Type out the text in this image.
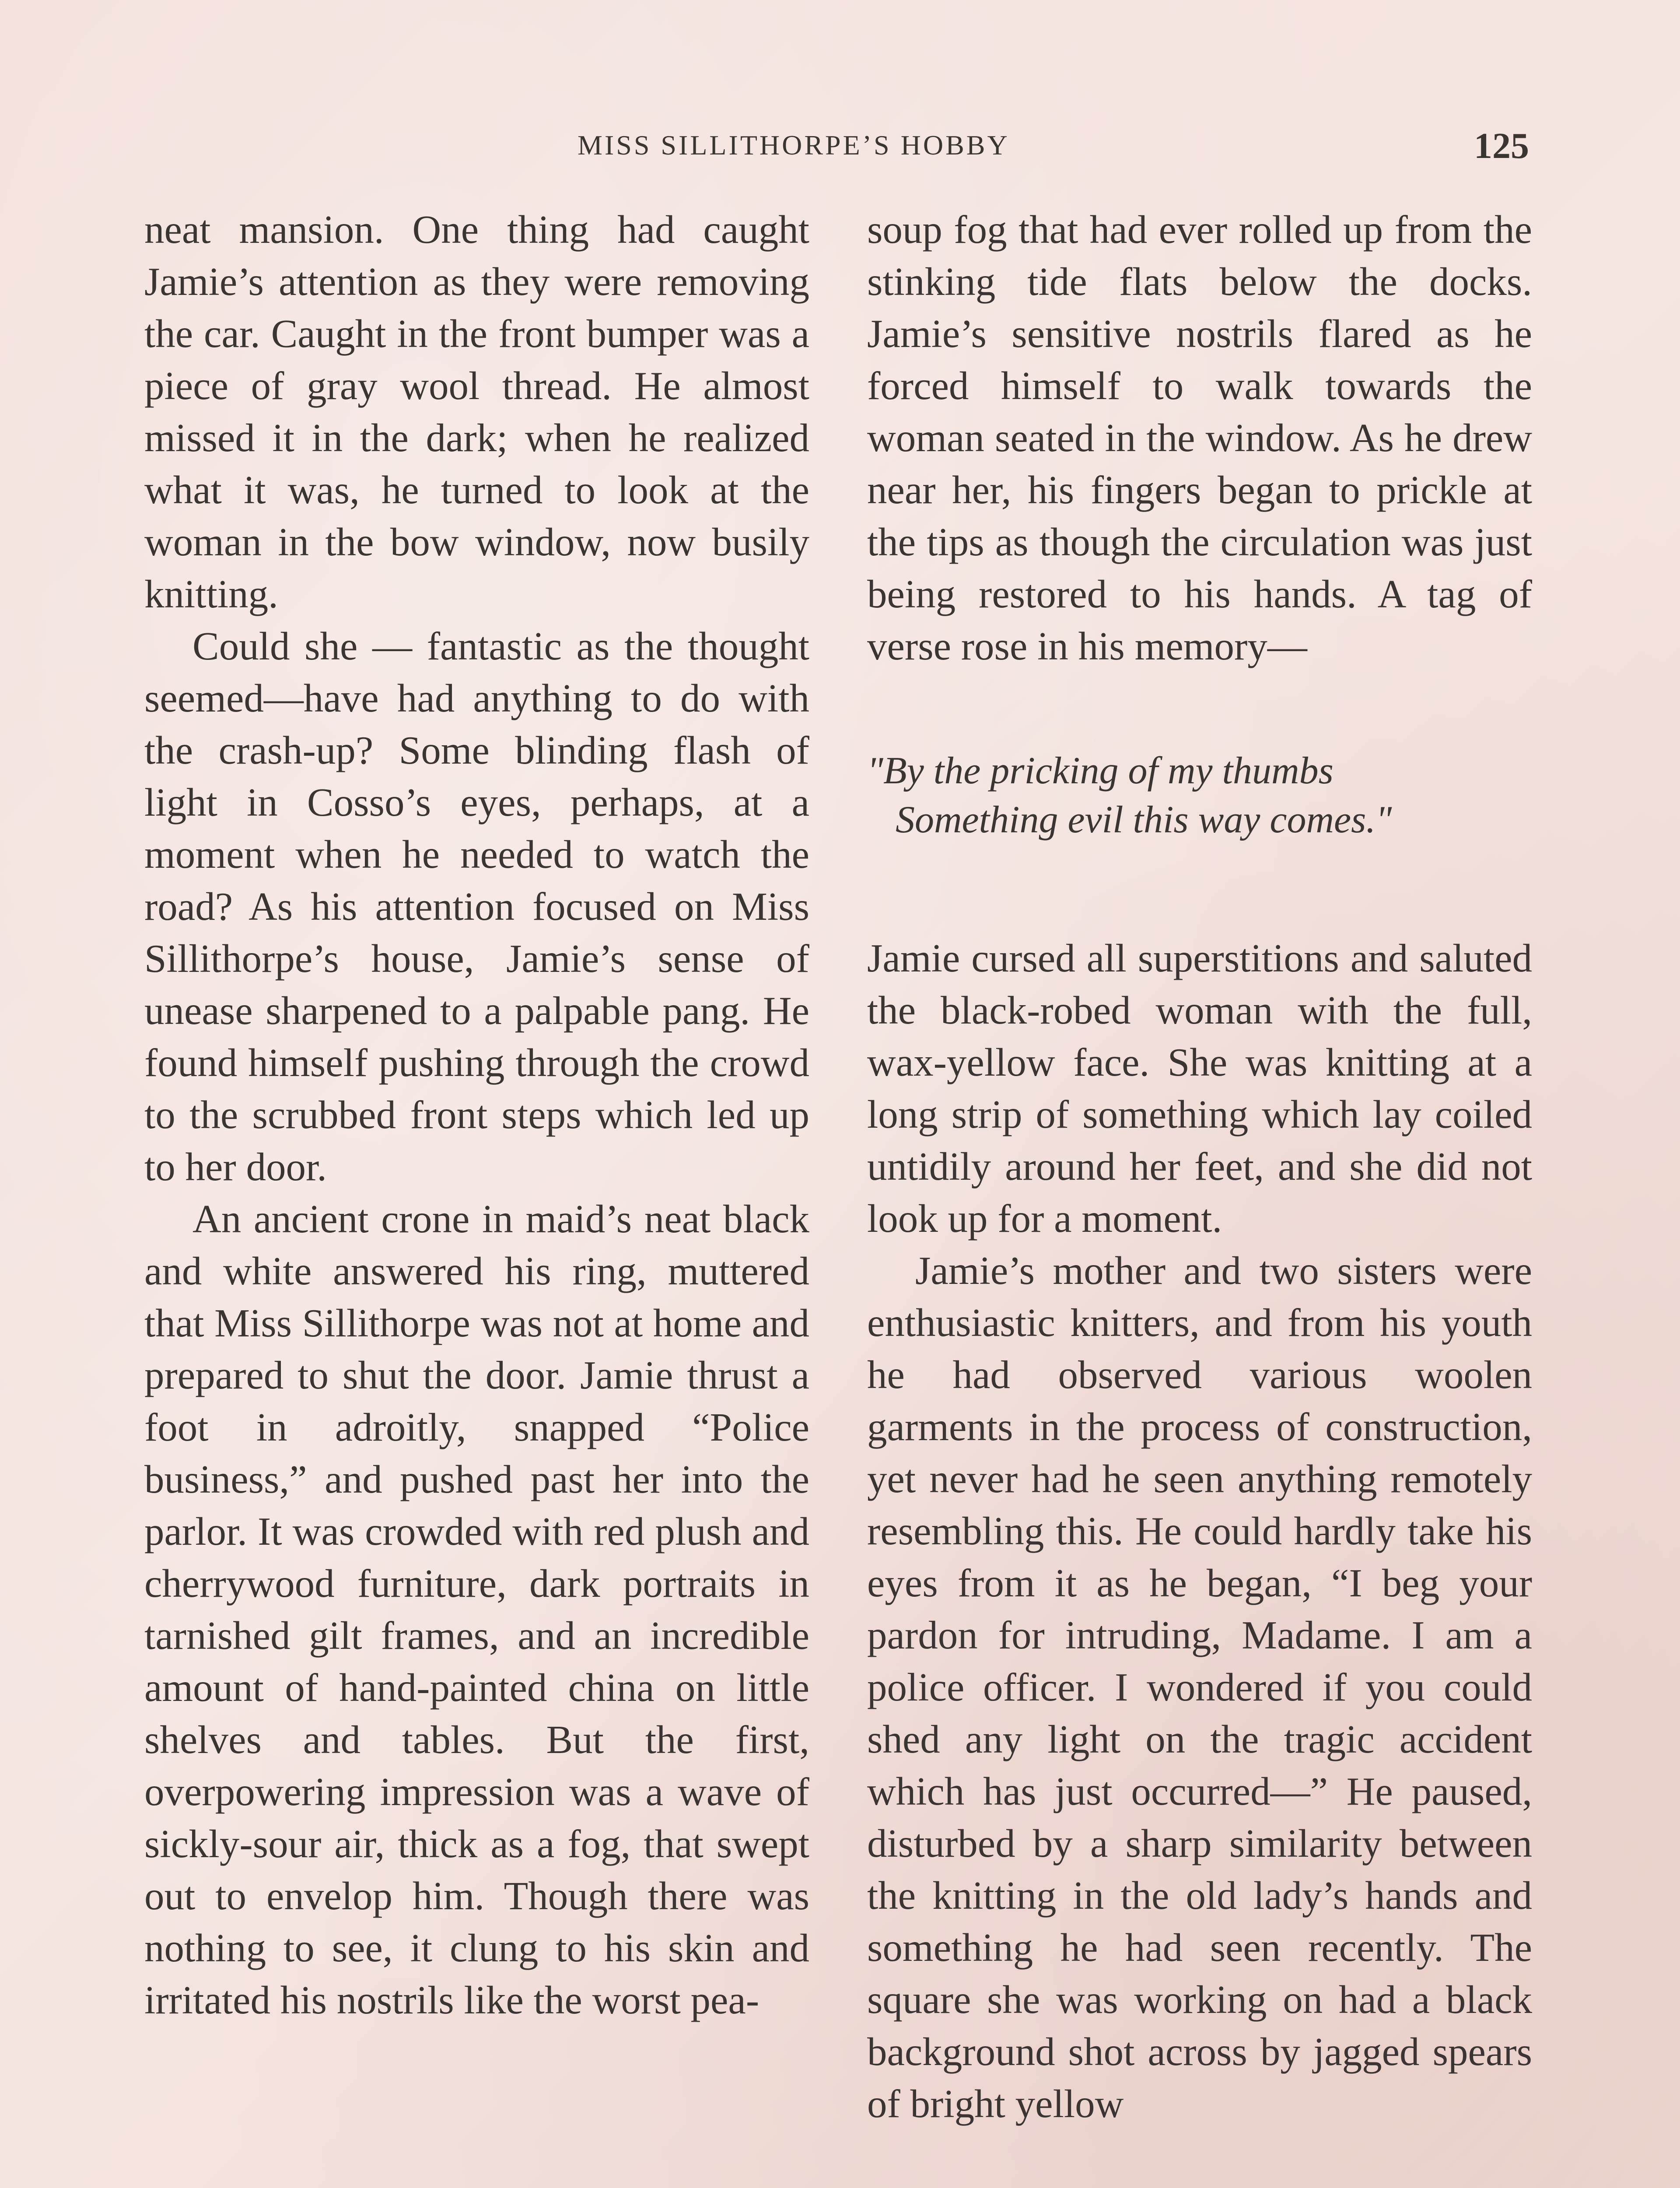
MISS SILLITHORPE’S HOBBY	125

neat mansion. One thing had caught Jamie’s attention as they were removing the car. Caught in the front bumper was a piece of gray wool thread. He almost missed it in the dark; when he realized what it was, he turned to look at the woman in the bow window, now busily knitting.

Could she — fantastic as the thought seemed—have had anything to do with the crash-up? Some blinding flash of light in Cosso’s eyes, perhaps, at a moment when he needed to watch the road? As his attention focused on Miss Sillithorpe’s house, Jamie’s sense of unease sharpened to a palpable pang. He found himself pushing through the crowd to the scrubbed front steps which led up to her door.

An ancient crone in maid’s neat black and white answered his ring, muttered that Miss Sillithorpe was not at home and prepared to shut the door. Jamie thrust a foot in adroitly, snapped “Police business,” and pushed past her into the parlor. It was crowded with red plush and cherrywood furniture, dark portraits in tarnished gilt frames, and an incredible amount of hand-painted china on little shelves and tables. But the first, overpowering impression was a wave of sickly-sour air, thick as a fog, that swept out to envelop him. Though there was nothing to see, it clung to his skin and irritated his nostrils like the worst pea-

soup fog that had ever rolled up from the stinking tide flats below the docks. Jamie’s sensitive nostrils flared as he forced himself to walk towards the woman seated in the window. As he drew near her, his fingers began to prickle at the tips as though the circulation was just being restored to his hands. A tag of verse rose in his memory—

"By the pricking of my thumbs
Something evil this way comes."

Jamie cursed all superstitions and saluted the black-robed woman with the full, wax-yellow face. She was knitting at a long strip of something which lay coiled untidily around her feet, and she did not look up for a moment.

Jamie’s mother and two sisters were enthusiastic knitters, and from his youth he had observed various woolen garments in the process of construction, yet never had he seen anything remotely resembling this. He could hardly take his eyes from it as he began, “I beg your pardon for intruding, Madame. I am a police officer. I wondered if you could shed any light on the tragic accident which has just occurred—” He paused, disturbed by a sharp similarity between the knitting in the old lady’s hands and something he had seen recently. The square she was working on had a black background shot across by jagged spears of bright yellow
